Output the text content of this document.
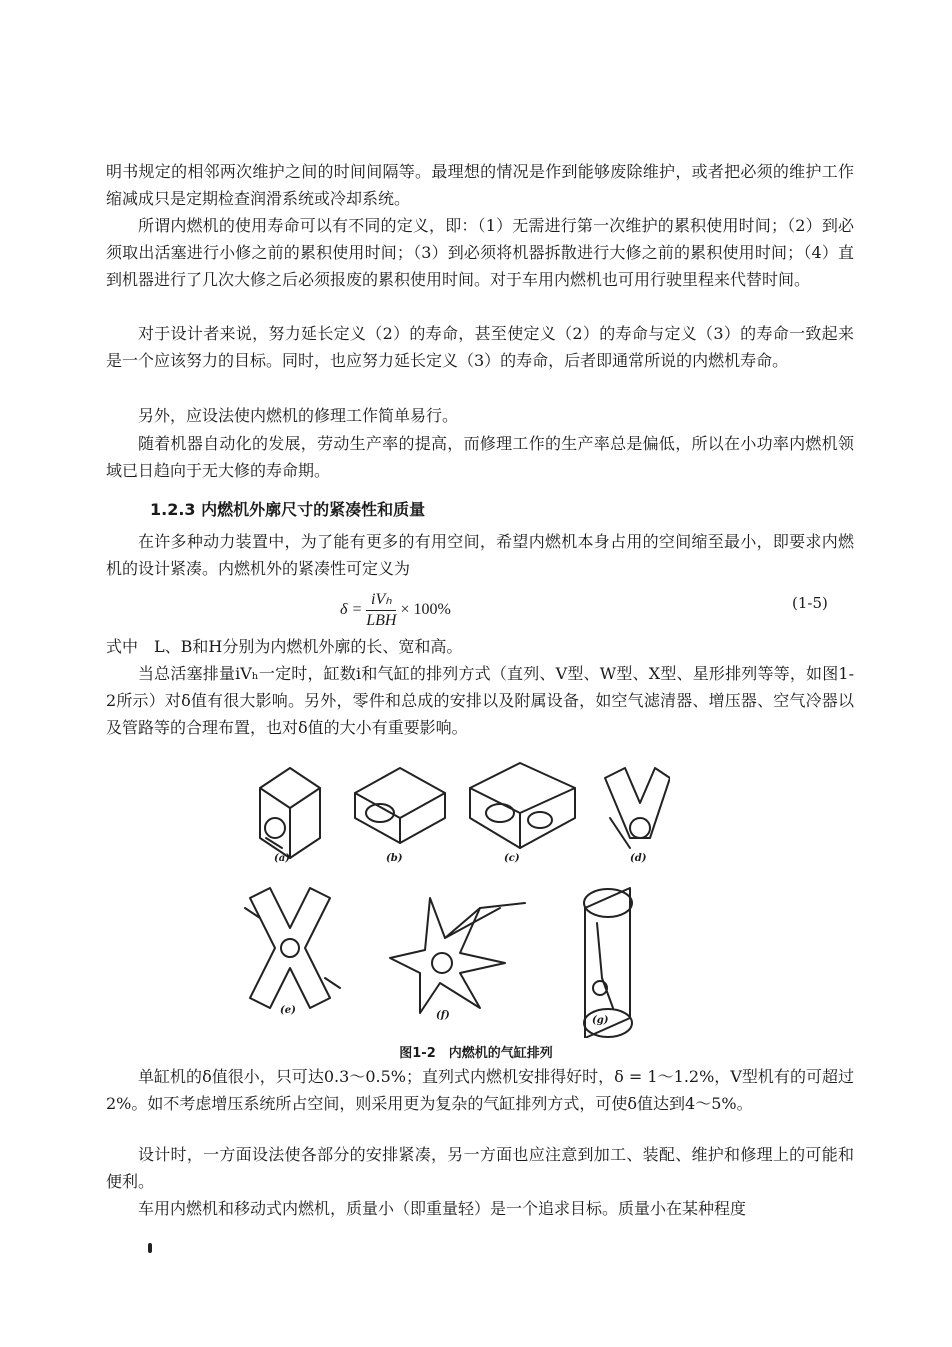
明书规定的相邻两次维护之间的时间间隔等。最理想的情况是作到能够废除维护，或者把必须的维护工作缩减成只是定期检查润滑系统或冷却系统。

所谓内燃机的使用寿命可以有不同的定义，即：（1）无需进行第一次维护的累积使用时间；（2）到必须取出活塞进行小修之前的累积使用时间；（3）到必须将机器拆散进行大修之前的累积使用时间；（4）直到机器进行了几次大修之后必须报废的累积使用时间。对于车用内燃机也可用行驶里程来代替时间。

对于设计者来说，努力延长定义（2）的寿命，甚至使定义（2）的寿命与定义（3）的寿命一致起来是一个应该努力的目标。同时，也应努力延长定义（3）的寿命，后者即通常所说的内燃机寿命。

另外，应设法使内燃机的修理工作简单易行。

随着机器自动化的发展，劳动生产率的提高，而修理工作的生产率总是偏低，所以在小功率内燃机领域已日趋向于无大修的寿命期。

1.2.3 内燃机外廓尺寸的紧凑性和质量

在许多种动力装置中，为了能有更多的有用空间，希望内燃机本身占用的空间缩至最小，即要求内燃机的设计紧凑。内燃机外的紧凑性可定义为

$\delta = \frac{\text{iVₕ}}{\text{LBH}} \times 100\%$	(1-5)

式中　L、B和H分别为内燃机外廓的长、宽和高。

当总活塞排量iVₕ一定时，缸数i和气缸的排列方式（直列、V型、W型、X型、星形排列等等，如图1-2所示）对δ值有很大影响。另外，零件和总成的安排以及附属设备，如空气滤清器、增压器、空气冷器以及管路等的合理布置，也对δ值的大小有重要影响。

(a)	(b)	(c)	(d)
(e)	(f)	(g)
图1-2　内燃机的气缸排列

单缸机的δ值很小，只可达0.3～0.5%；直列式内燃机安排得好时，δ = 1～1.2%，V型机有的可超过2%。如不考虑增压系统所占空间，则采用更为复杂的气缸排列方式，可使δ值达到4～5%。

设计时，一方面设法使各部分的安排紧凑，另一方面也应注意到加工、装配、维护和修理上的可能和便利。

车用内燃机和移动式内燃机，质量小（即重量轻）是一个追求目标。质量小在某种程度
